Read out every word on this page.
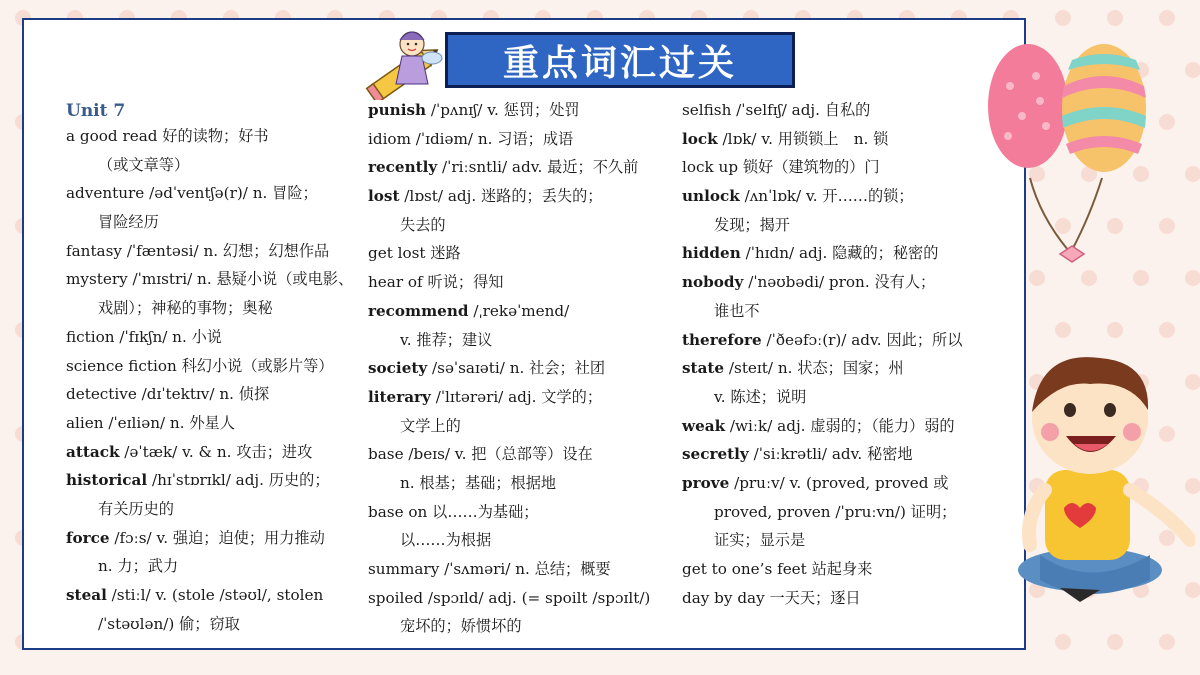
重点词汇过关
Unit 7
a good read 好的读物；好书
（或文章等）
adventure /ədˈventʃə(r)/ n. 冒险；
冒险经历
fantasy /ˈfæntəsi/ n. 幻想；幻想作品
mystery /ˈmɪstri/ n. 悬疑小说（或电影、
戏剧）；神秘的事物；奥秘
fiction /ˈfɪkʃn/ n. 小说
science fiction 科幻小说（或影片等）
detective /dɪˈtektɪv/ n. 侦探
alien /ˈeɪliən/ n. 外星人
attack /əˈtæk/ v. & n. 攻击；进攻
historical /hɪˈstɒrɪkl/ adj. 历史的；
有关历史的
force /fɔːs/ v. 强迫；迫使；用力推动
n. 力；武力
steal /stiːl/ v. (stole /stəʊl/, stolen
/ˈstəʊlən/) 偷；窃取
punish /ˈpʌnɪʃ/ v. 惩罚；处罚
idiom /ˈɪdiəm/ n. 习语；成语
recently /ˈriːsntli/ adv. 最近；不久前
lost /lɒst/ adj. 迷路的；丢失的；
失去的
get lost 迷路
hear of 听说；得知
recommend /ˌrekəˈmend/
v. 推荐；建议
society /səˈsaɪəti/ n. 社会；社团
literary /ˈlɪtərəri/ adj. 文学的；
文学上的
base /beɪs/ v. 把（总部等）设在
n. 根基；基础；根据地
base on 以……为基础；
以……为根据
summary /ˈsʌməri/ n. 总结；概要
spoiled /spɔɪld/ adj. (= spoilt /spɔɪlt/)
宠坏的；娇惯坏的
selfish /ˈselfɪʃ/ adj. 自私的
lock /lɒk/ v. 用锁锁上　n. 锁
lock up 锁好（建筑物的）门
unlock /ʌnˈlɒk/ v. 开……的锁；
发现；揭开
hidden /ˈhɪdn/ adj. 隐藏的；秘密的
nobody /ˈnəʊbədi/ pron. 没有人；
谁也不
therefore /ˈðeəfɔː(r)/ adv. 因此；所以
state /steɪt/ n. 状态；国家；州
v. 陈述；说明
weak /wiːk/ adj. 虚弱的；（能力）弱的
secretly /ˈsiːkrətli/ adv. 秘密地
prove /pruːv/ v. (proved, proved 或
proved, proven /ˈpruːvn/) 证明；
证实；显示是
get to one’s feet 站起身来
day by day 一天天；逐日
